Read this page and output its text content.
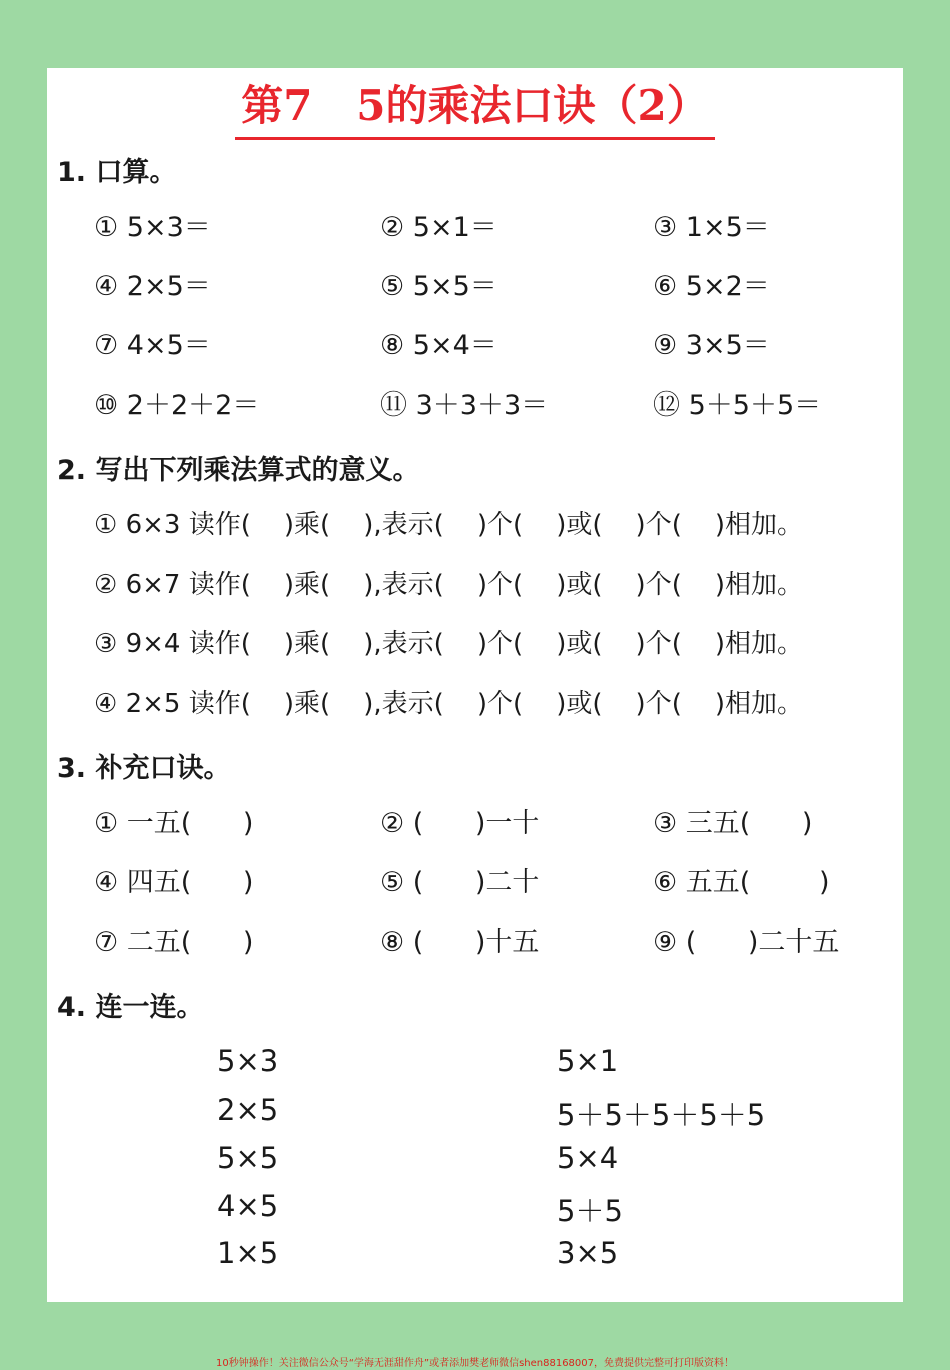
第7   5的乘法口诀（2）
1. 口算。
① 5×3＝	② 5×1＝	③ 1×5＝
④ 2×5＝	⑤ 5×5＝	⑥ 5×2＝
⑦ 4×5＝	⑧ 5×4＝	⑨ 3×5＝
⑩ 2＋2＋2＝	⑪ 3＋3＋3＝	⑫ 5＋5＋5＝
2. 写出下列乘法算式的意义。
① 6×3 读作(    )乘(    ),表示(    )个(    )或(    )个(    )相加。
② 6×7 读作(    )乘(    ),表示(    )个(    )或(    )个(    )相加。
③ 9×4 读作(    )乘(    ),表示(    )个(    )或(    )个(    )相加。
④ 2×5 读作(    )乘(    ),表示(    )个(    )或(    )个(    )相加。
3. 补充口诀。
① 一五(      )	② (      )一十	③ 三五(      )
④ 四五(      )	⑤ (      )二十	⑥ 五五(        )
⑦ 二五(      )	⑧ (      )十五	⑨ (      )二十五
4. 连一连。
5×3
2×5
5×5
4×5
1×5
5×1
5＋5＋5＋5＋5
5×4
5＋5
3×5
10秒钟操作！关注微信公众号“学海无涯甜作舟”或者添加樊老师微信shen88168007，免费提供完整可打印版资料！
